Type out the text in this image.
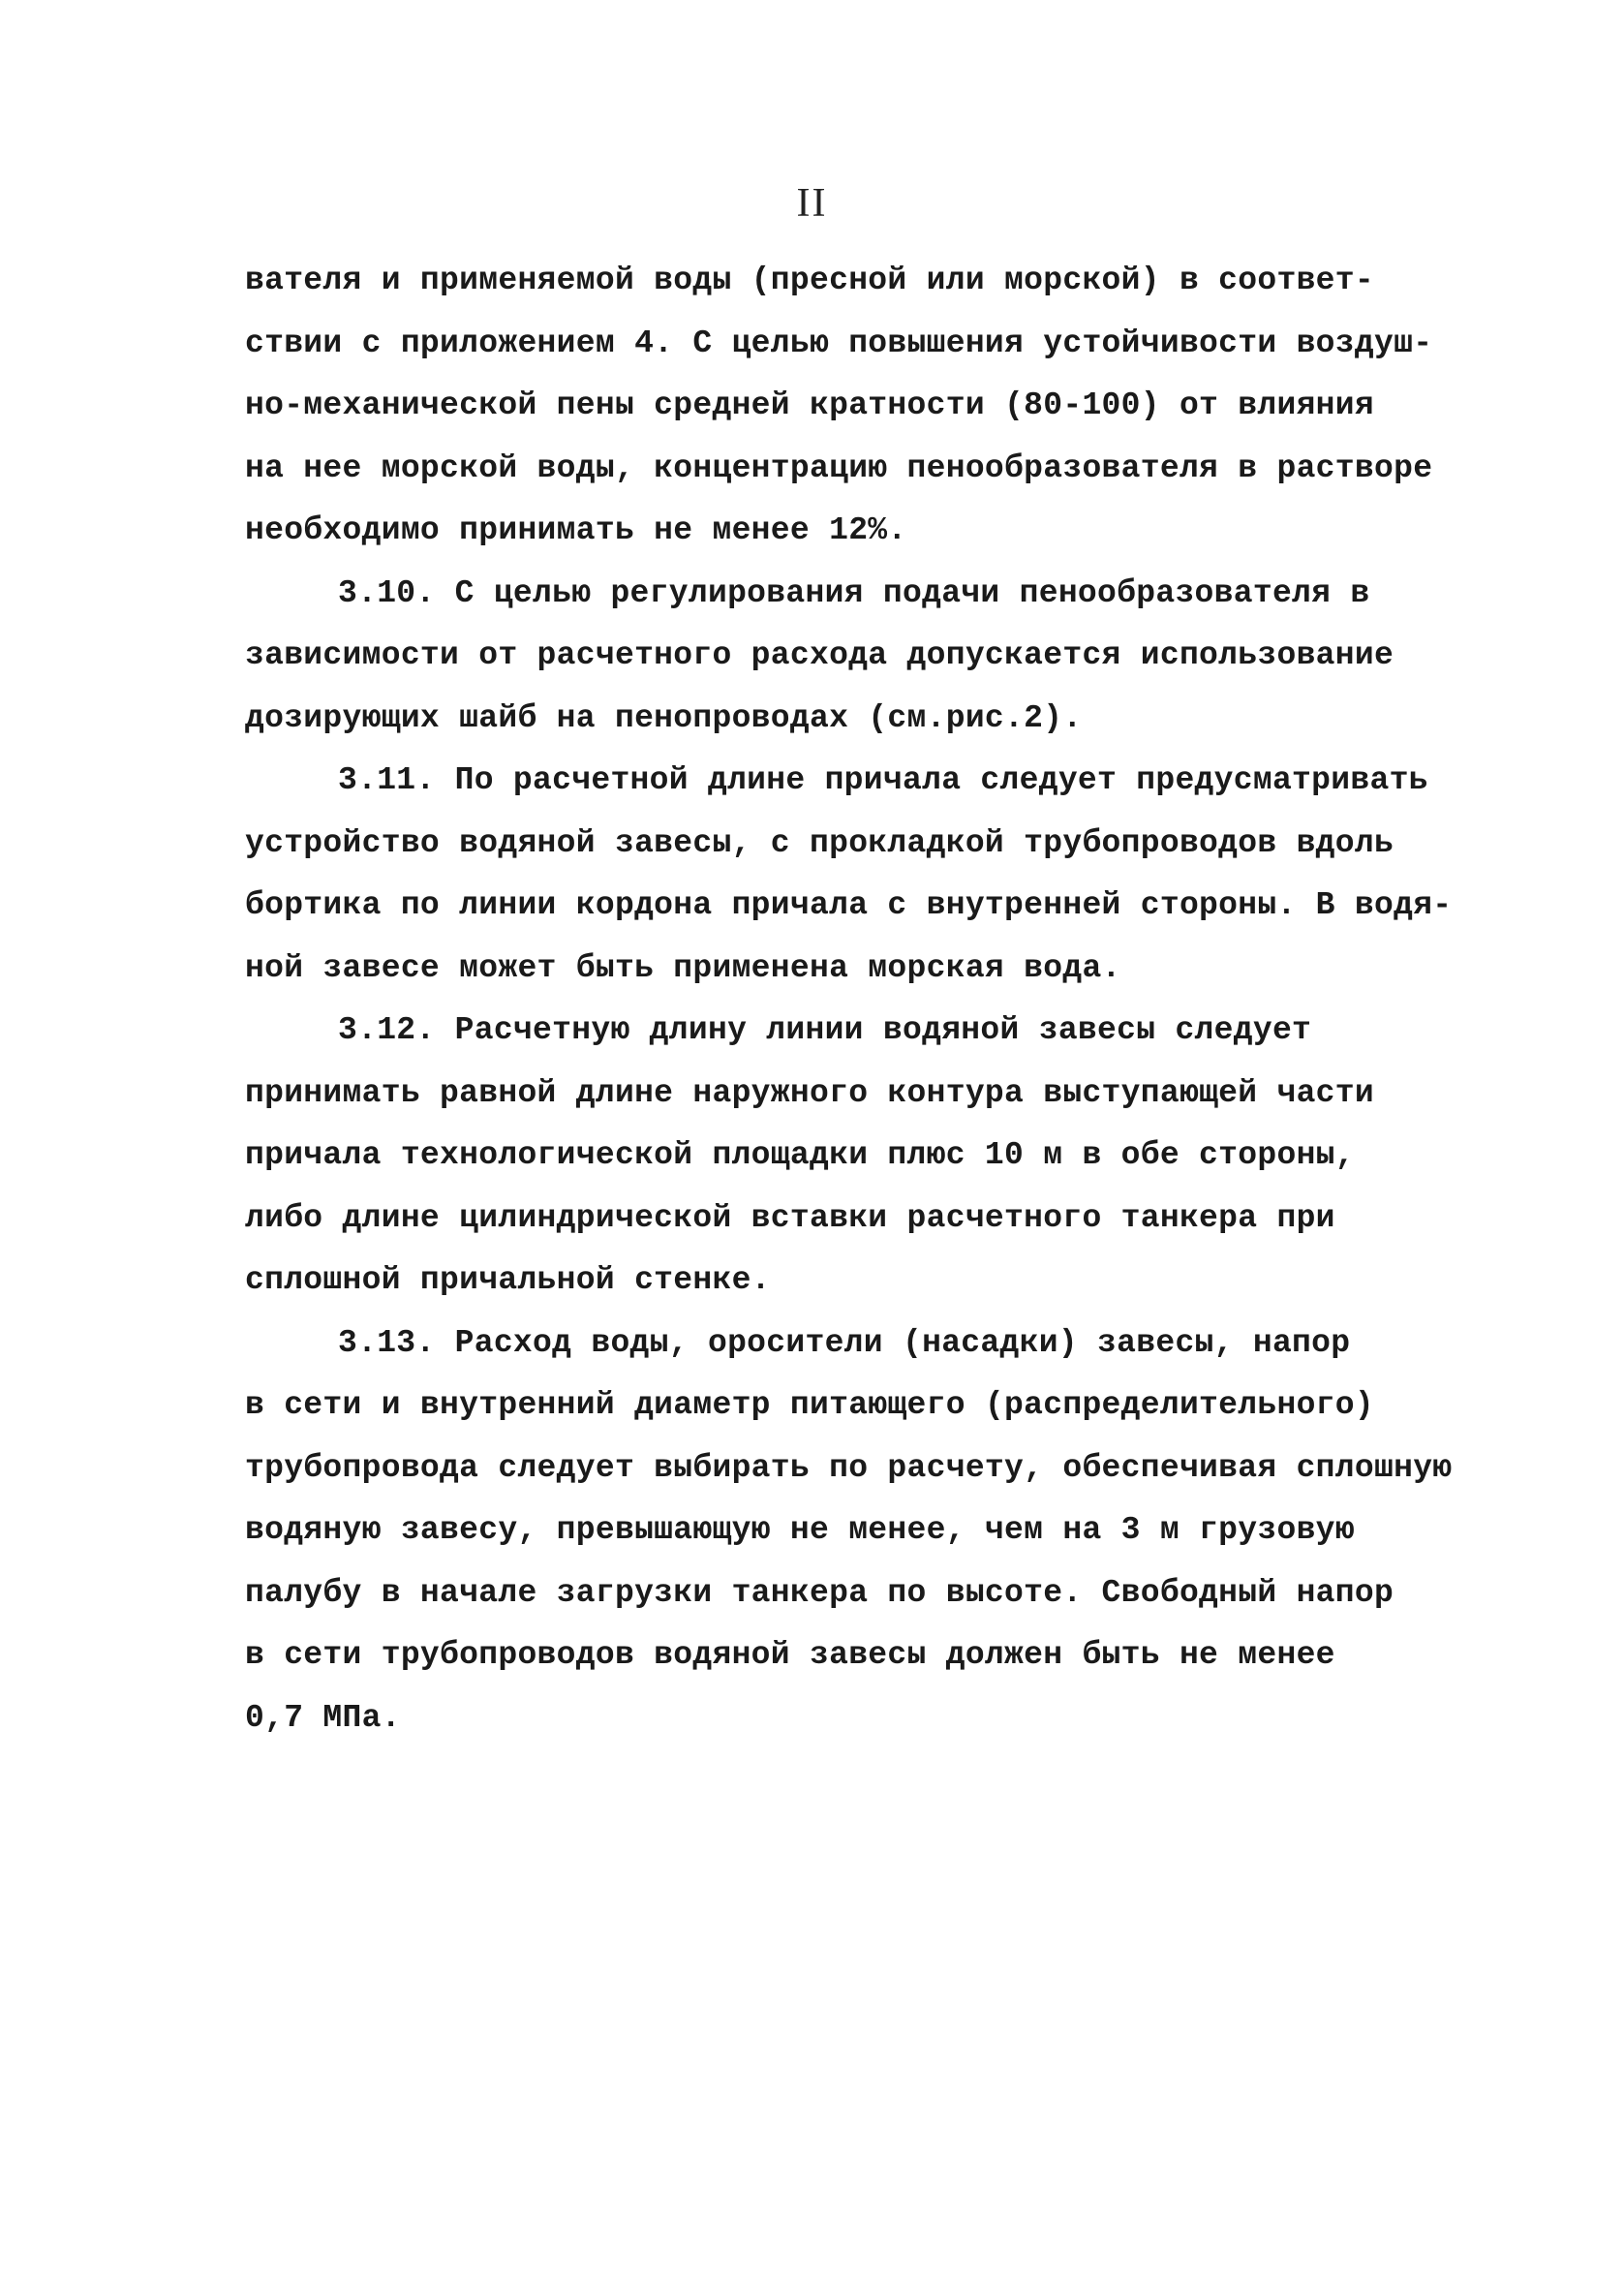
II
вателя и применяемой воды (пресной или морской) в соответ-
ствии с приложением 4. С целью повышения устойчивости воздуш-
но-механической пены средней кратности (80-100) от влияния
на нее морской воды, концентрацию пенообразователя в растворе
необходимо принимать не менее 12%.
3.10. С целью регулирования подачи пенообразователя в
зависимости от расчетного расхода допускается использование
дозирующих шайб на пенопроводах (см.рис.2).
3.11. По расчетной длине причала следует предусматривать
устройство водяной завесы, с прокладкой трубопроводов вдоль
бортика по линии кордона причала с внутренней стороны. В водя-
ной завесе может быть применена морская вода.
3.12. Расчетную длину линии водяной завесы следует
принимать равной длине наружного контура выступающей части
причала технологической площадки плюс 10 м в обе стороны,
либо длине цилиндрической вставки расчетного танкера при
сплошной причальной стенке.
3.13. Расход воды, оросители (насадки) завесы, напор
в сети и внутренний диаметр питающего (распределительного)
трубопровода следует выбирать по расчету, обеспечивая сплошную
водяную завесу, превышающую не менее, чем на 3 м грузовую
палубу в начале загрузки танкера по высоте. Свободный напор
в сети трубопроводов водяной завесы должен быть не менее
0,7 МПа.
